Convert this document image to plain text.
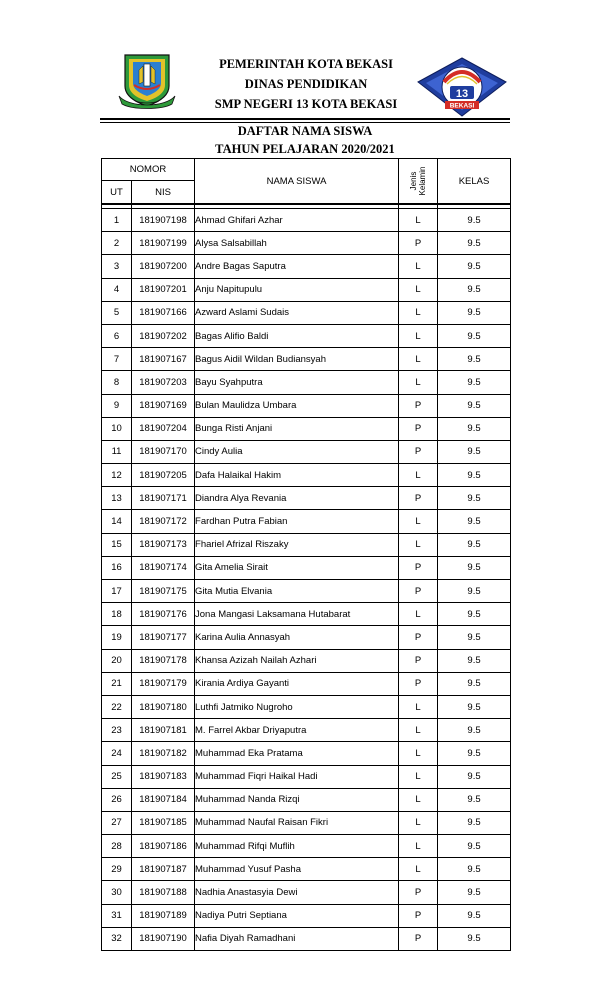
13
BEKASI
PEMERINTAH KOTA BEKASI
DINAS PENDIDIKAN
SMP NEGERI 13 KOTA BEKASI
DAFTAR NAMA SISWA
TAHUN PELAJARAN 2020/2021
NOMOR		NAMA SISWA	Jenis Kelamin	KELAS
UT	NIS			

1	181907198	Ahmad Ghifari Azhar	L	9.5
2	181907199	Alysa Salsabillah	P	9.5
3	181907200	Andre Bagas Saputra	L	9.5
4	181907201	Anju Napitupulu	L	9.5
5	181907166	Azward Aslami Sudais	L	9.5
6	181907202	Bagas Alifio Baldi	L	9.5
7	181907167	Bagus Aidil Wildan Budiansyah	L	9.5
8	181907203	Bayu Syahputra	L	9.5
9	181907169	Bulan Maulidza Umbara	P	9.5
10	181907204	Bunga Risti Anjani	P	9.5
11	181907170	Cindy Aulia	P	9.5
12	181907205	Dafa Halaikal Hakim	L	9.5
13	181907171	Diandra Alya Revania	P	9.5
14	181907172	Fardhan Putra Fabian	L	9.5
15	181907173	Fhariel Afrizal Riszaky	L	9.5
16	181907174	Gita Amelia Sirait	P	9.5
17	181907175	Gita Mutia Elvania	P	9.5
18	181907176	Jona Mangasi Laksamana Hutabarat	L	9.5
19	181907177	Karina Aulia Annasyah	P	9.5
20	181907178	Khansa Azizah Nailah Azhari	P	9.5
21	181907179	Kirania Ardiya Gayanti	P	9.5
22	181907180	Luthfi Jatmiko Nugroho	L	9.5
23	181907181	M. Farrel Akbar Driyaputra	L	9.5
24	181907182	Muhammad Eka Pratama	L	9.5
25	181907183	Muhammad Fiqri Haikal Hadi	L	9.5
26	181907184	Muhammad Nanda Rizqi	L	9.5
27	181907185	Muhammad Naufal Raisan Fikri	L	9.5
28	181907186	Muhammad Rifqi Muflih	L	9.5
29	181907187	Muhammad Yusuf Pasha	L	9.5
30	181907188	Nadhia Anastasyia Dewi	P	9.5
31	181907189	Nadiya Putri Septiana	P	9.5
32	181907190	Nafia Diyah Ramadhani	P	9.5
